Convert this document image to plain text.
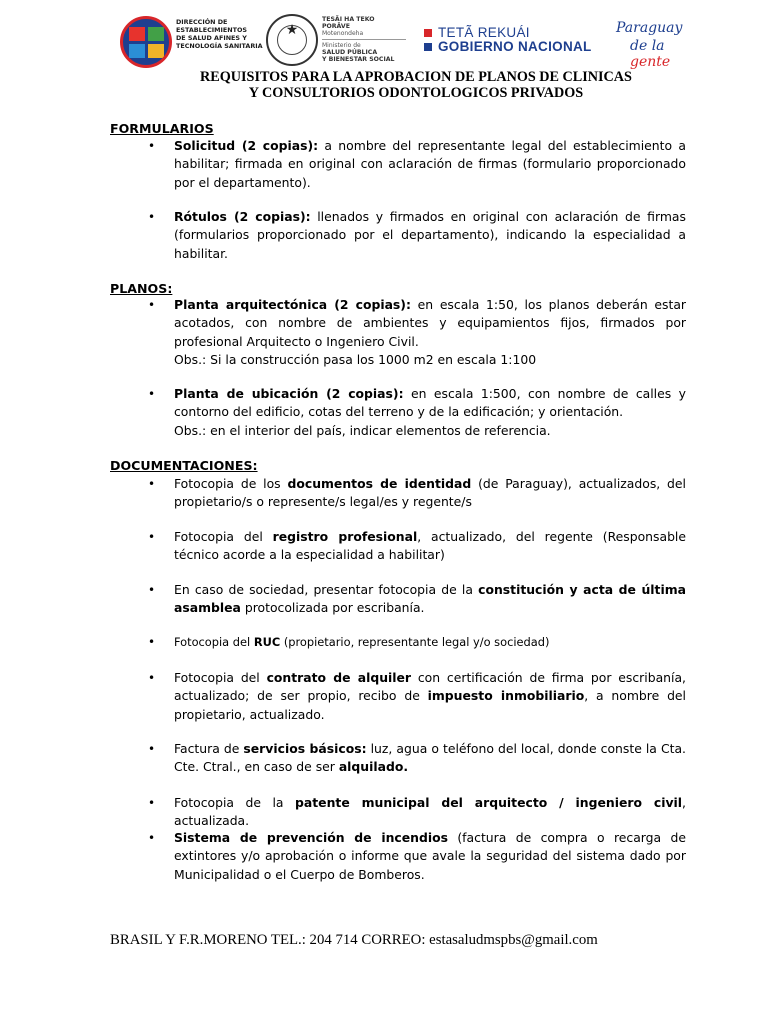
DIRECCIÓN DE
ESTABLECIMIENTOS
DE SALUD AFINES Y
TECNOLOGÍA SANITARIA
★
TESÃI HA TEKO
PORÃVE
Motenondeha
Ministerio de
SALUD PÚBLICA
Y BIENESTAR SOCIAL
TETÃ REKUÁI
GOBIERNO NACIONAL
Paraguay
de la gente
REQUISITOS PARA LA APROBACION DE PLANOS DE CLINICAS
Y CONSULTORIOS ODONTOLOGICOS PRIVADOS
FORMULARIOS
• Solicitud (2 copias): a nombre del representante legal del establecimiento a habilitar; firmada en original con aclaración de firmas (formulario proporcionado por el departamento).
• Rótulos (2 copias): llenados y firmados en original con aclaración de firmas (formularios proporcionado por el departamento), indicando la especialidad a habilitar.
PLANOS:
• Planta arquitectónica (2 copias): en escala 1:50, los planos deberán estar acotados, con nombre de ambientes y equipamientos fijos, firmados por profesional Arquitecto o Ingeniero Civil.
Obs.: Si la construcción pasa los 1000 m2 en escala 1:100
• Planta de ubicación (2 copias): en escala 1:500, con nombre de calles y contorno del edificio, cotas del terreno y de la edificación; y orientación.
Obs.: en el interior del país, indicar elementos de referencia.
DOCUMENTACIONES:
• Fotocopia de los documentos de identidad (de Paraguay), actualizados, del propietario/s o represente/s legal/es y regente/s
• Fotocopia del registro profesional, actualizado, del regente (Responsable técnico acorde a la especialidad a habilitar)
• En caso de sociedad, presentar fotocopia de la constitución y acta de última asamblea protocolizada por escribanía.
• Fotocopia del RUC (propietario, representante legal y/o sociedad)
• Fotocopia del contrato de alquiler con certificación de firma por escribanía, actualizado; de ser propio, recibo de impuesto inmobiliario, a nombre del propietario, actualizado.
• Factura de servicios básicos: luz, agua o teléfono del local, donde conste la Cta. Cte. Ctral., en caso de ser alquilado.
• Fotocopia de la patente municipal del arquitecto / ingeniero civil, actualizada.
• Sistema de prevención de incendios (factura de compra o recarga de extintores y/o aprobación o informe que avale la seguridad del sistema dado por Municipalidad o el Cuerpo de Bomberos.
BRASIL Y F.R.MORENO TEL.: 204 714 CORREO: estasaludmspbs@gmail.com
